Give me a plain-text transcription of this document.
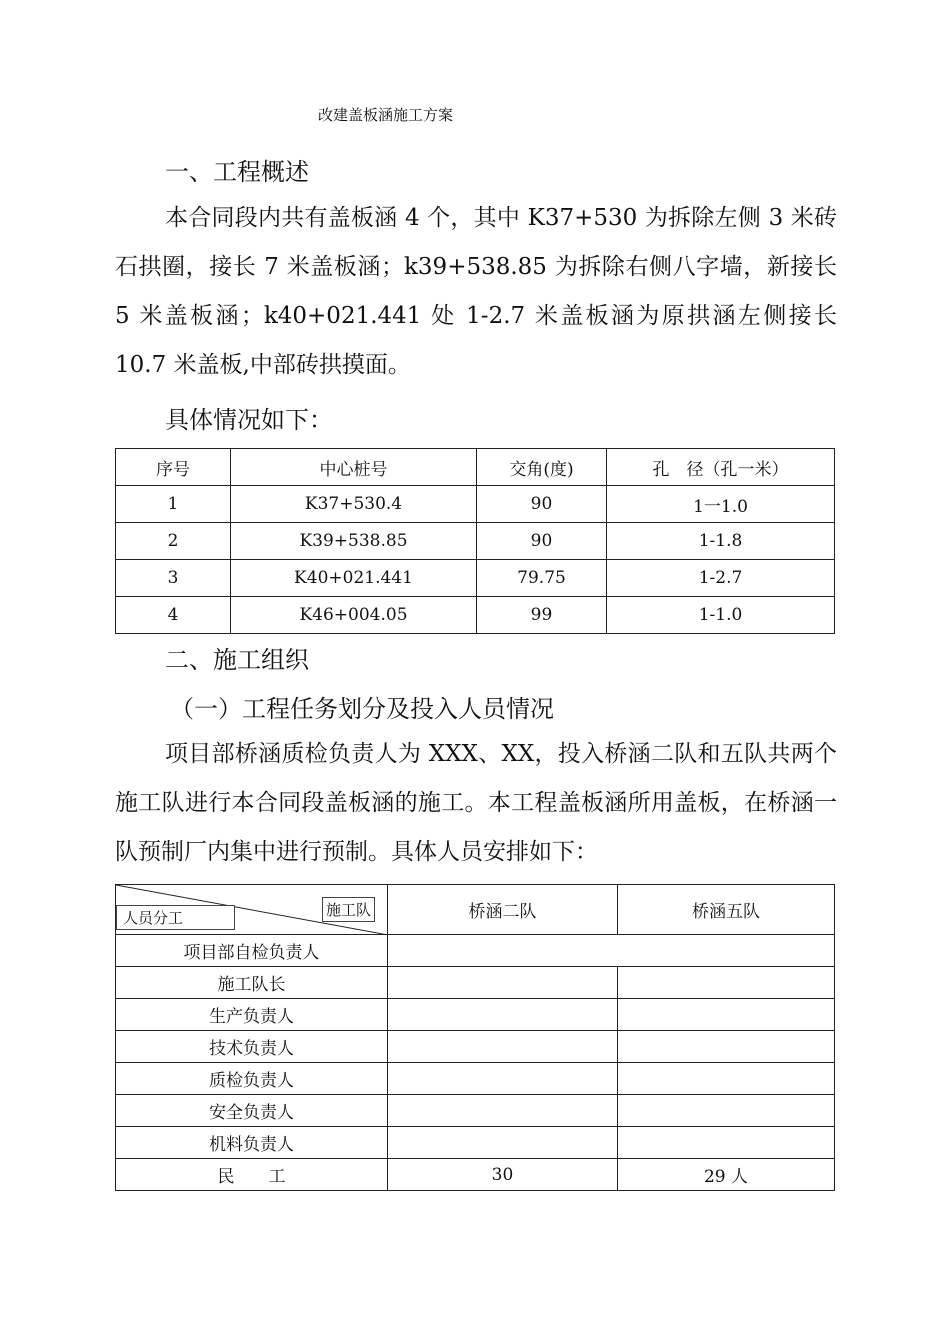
改建盖板涵施工方案
一、工程概述
本合同段内共有盖板涵 4 个，其中 K37+530 为拆除左侧 3 米砖石拱圈，接长 7 米盖板涵；k39+538.85 为拆除右侧八字墙，新接长 5 米盖板涵；k40+021.441 处 1-2.7 米盖板涵为原拱涵左侧接长 10.7 米盖板,中部砖拱摸面。
具体情况如下：
序号	中心桩号	交角(度)	孔　径（孔一米）
1	K37+530.4	90	1一1.0
2	K39+538.85	90	1-1.8
3	K40+021.441	79.75	1-2.7
4	K46+004.05	99	1-1.0
二、施工组织
（一）工程任务划分及投入人员情况
项目部桥涵质检负责人为 XXX、XX，投入桥涵二队和五队共两个施工队进行本合同段盖板涵的施工。本工程盖板涵所用盖板，在桥涵一队预制厂内集中进行预制。具体人员安排如下：
施工队
人员分工	桥涵二队	桥涵五队
项目部自检负责人		
施工队长		
生产负责人		
技术负责人		
质检负责人		
安全负责人		
机料负责人		
民　　工	30	29 人
